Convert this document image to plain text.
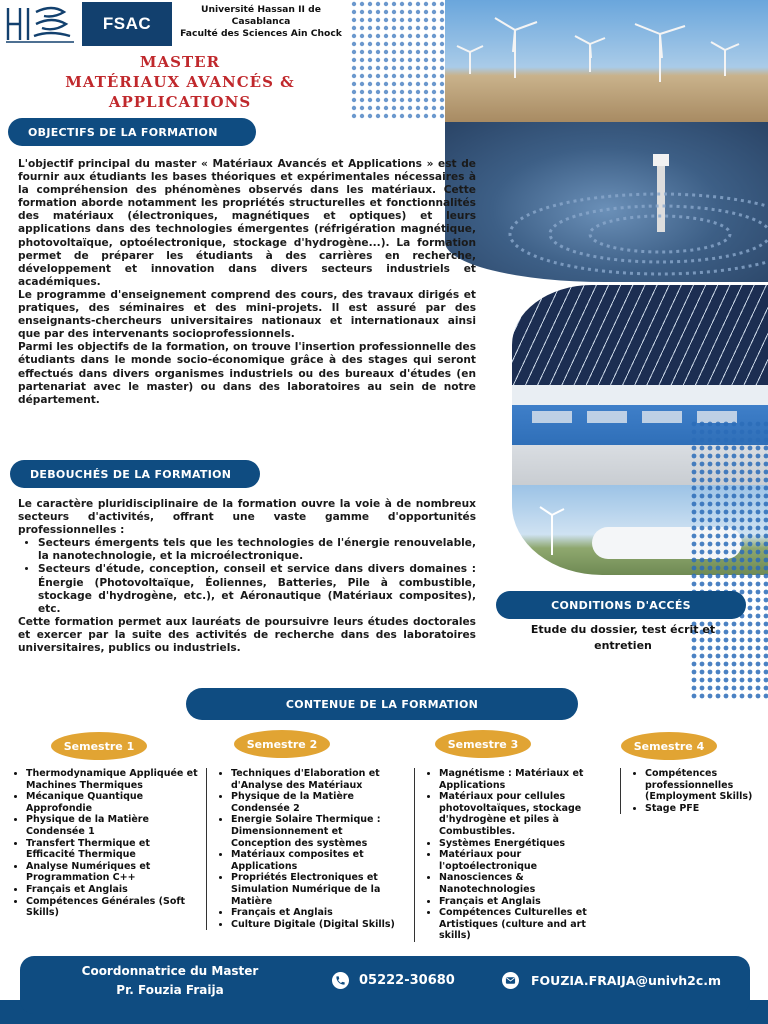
FSAC
Université Hassan II de
Casablanca
Faculté des Sciences Ain Chock
MASTER
MATÉRIAUX AVANCÉS &
APPLICATIONS
OBJECTIFS DE LA FORMATION

L'objectif principal du master « Matériaux Avancés et Applications » est de fournir aux étudiants les bases théoriques et expérimentales nécessaires à la compréhension des phénomènes observés dans les matériaux. Cette formation aborde notamment les propriétés structurelles et fonctionnalités des matériaux (électroniques, magnétiques et optiques) et leurs applications dans des technologies émergentes (réfrigération magnétique, photovoltaïque, optoélectronique, stockage d'hydrogène...). La formation permet de préparer les étudiants à des carrières en recherche, développement et innovation dans divers secteurs industriels et académiques.

Le programme d'enseignement comprend des cours, des travaux dirigés et pratiques, des séminaires et des mini-projets. Il est assuré par des enseignants-chercheurs universitaires nationaux et internationaux ainsi que par des intervenants socioprofessionnels.

Parmi les objectifs de la formation, on trouve l'insertion professionnelle des étudiants dans le monde socio-économique grâce à des stages qui seront effectués dans divers organismes industriels ou des bureaux d'études (en partenariat avec le master) ou dans des laboratoires au sein de notre département.

DEBOUCHÉS DE LA FORMATION

Le caractère pluridisciplinaire de la formation ouvre la voie à de nombreux secteurs d'activités, offrant une vaste gamme d'opportunités professionnelles :

• Secteurs émergents tels que les technologies de l'énergie renouvelable, la nanotechnologie, et la microélectronique.
• Secteurs d'étude, conception, conseil et service dans divers domaines : Énergie (Photovoltaïque, Éoliennes, Batteries, Pile à combustible, stockage d'hydrogène, etc.), et Aéronautique (Matériaux composites), etc.

Cette formation permet aux lauréats de poursuivre leurs études doctorales et exercer par la suite des activités de recherche dans des laboratoires universitaires, publics ou industriels.

CONDITIONS D'ACCÉS
Etude du dossier, test écrit et entretien
CONTENUE DE LA FORMATION
Semestre 1	Semestre 2	Semestre 3	Semestre 4
• Thermodynamique Appliquée et Machines Thermiques
• Mécanique Quantique Approfondie
• Physique de la Matière Condensée 1
• Transfert Thermique et Efficacité Thermique
• Analyse Numériques et Programmation C++
• Français et Anglais
• Compétences Générales (Soft Skills)
• Techniques d'Elaboration et d'Analyse des Matériaux
• Physique de la Matière Condensée 2
• Energie Solaire Thermique : Dimensionnement et Conception des systèmes
• Matériaux composites et Applications
• Propriétés Electroniques et Simulation Numérique de la Matière
• Français et Anglais
• Culture Digitale (Digital Skills)
• Magnétisme : Matériaux et Applications
• Matériaux pour cellules photovoltaïques, stockage d'hydrogène et piles à Combustibles.
• Systèmes Energétiques
• Matériaux pour l'optoélectronique
• Nanosciences & Nanotechnologies
• Français et Anglais
• Compétences Culturelles et Artistiques (culture and art skills)
• Compétences professionnelles (Employment Skills)
• Stage PFE
Coordonnatrice du Master
Pr. Fouzia Fraija
05222-30680	FOUZIA.FRAIJA@univh2c.m
